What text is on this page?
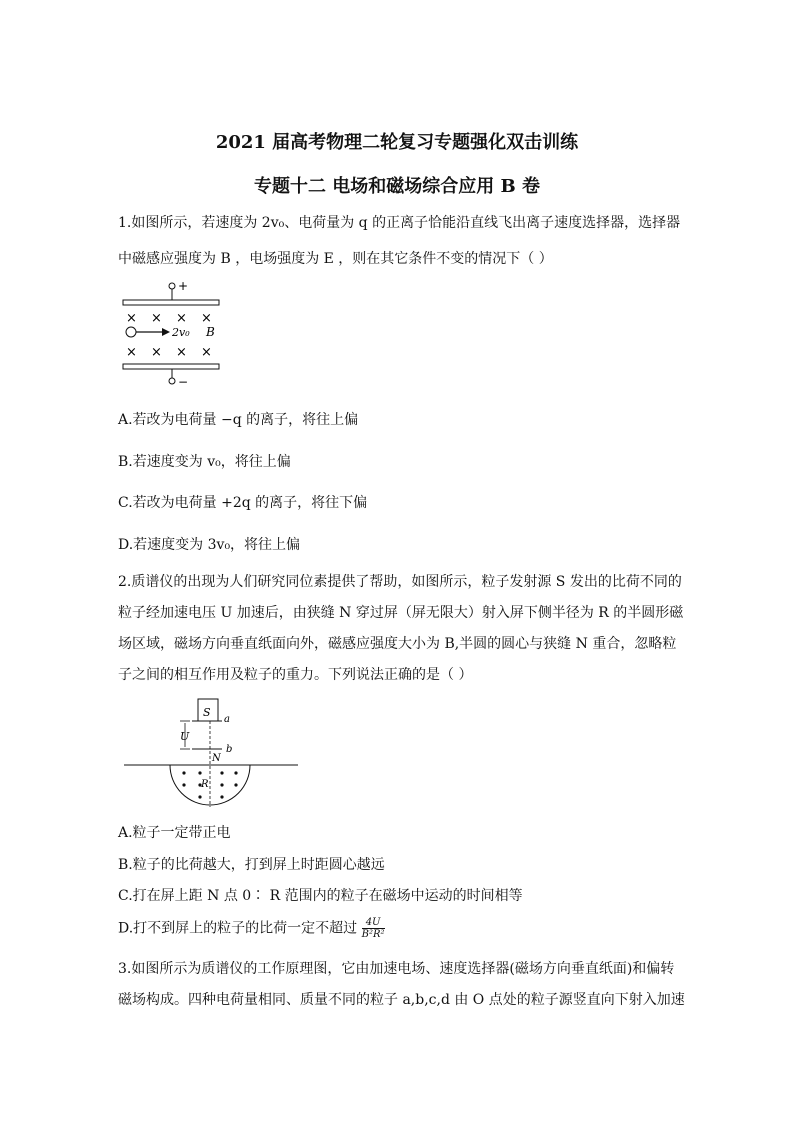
2021 届高考物理二轮复习专题强化双击训练
专题十二 电场和磁场综合应用 B 卷
1.如图所示，若速度为 2v₀、电荷量为 q 的正离子恰能沿直线飞出离子速度选择器，选择器
中磁感应强度为 B ，电场强度为 E ，则在其它条件不变的情况下（ ）
+
× × × ×
× × × ×
2v₀ B
−
A.若改为电荷量 −q 的离子，将往上偏
B.若速度变为 v₀，将往上偏
C.若改为电荷量 +2q 的离子，将往下偏
D.若速度变为 3v₀，将往上偏
2.质谱仪的出现为人们研究同位素提供了帮助，如图所示，粒子发射源 S 发出的比荷不同的
粒子经加速电压 U 加速后，由狭缝 N 穿过屏（屏无限大）射入屏下侧半径为 R 的半圆形磁
场区域，磁场方向垂直纸面向外，磁感应强度大小为 B,半圆的圆心与狭缝 N 重合，忽略粒
子之间的相互作用及粒子的重力。下列说法正确的是（ ）
S
a
b
U
N
R
A.粒子一定带正电
B.粒子的比荷越大，打到屏上时距圆心越远
C.打在屏上距 N 点 0∶ R 范围内的粒子在磁场中运动的时间相等
D.打不到屏上的粒子的比荷一定不超过 $\frac{4U}{\text{B²R²}}$
3.如图所示为质谱仪的工作原理图，它由加速电场、速度选择器(磁场方向垂直纸面)和偏转
磁场构成。四种电荷量相同、质量不同的粒子 a,b,c,d 由 O 点处的粒子源竖直向下射入加速
